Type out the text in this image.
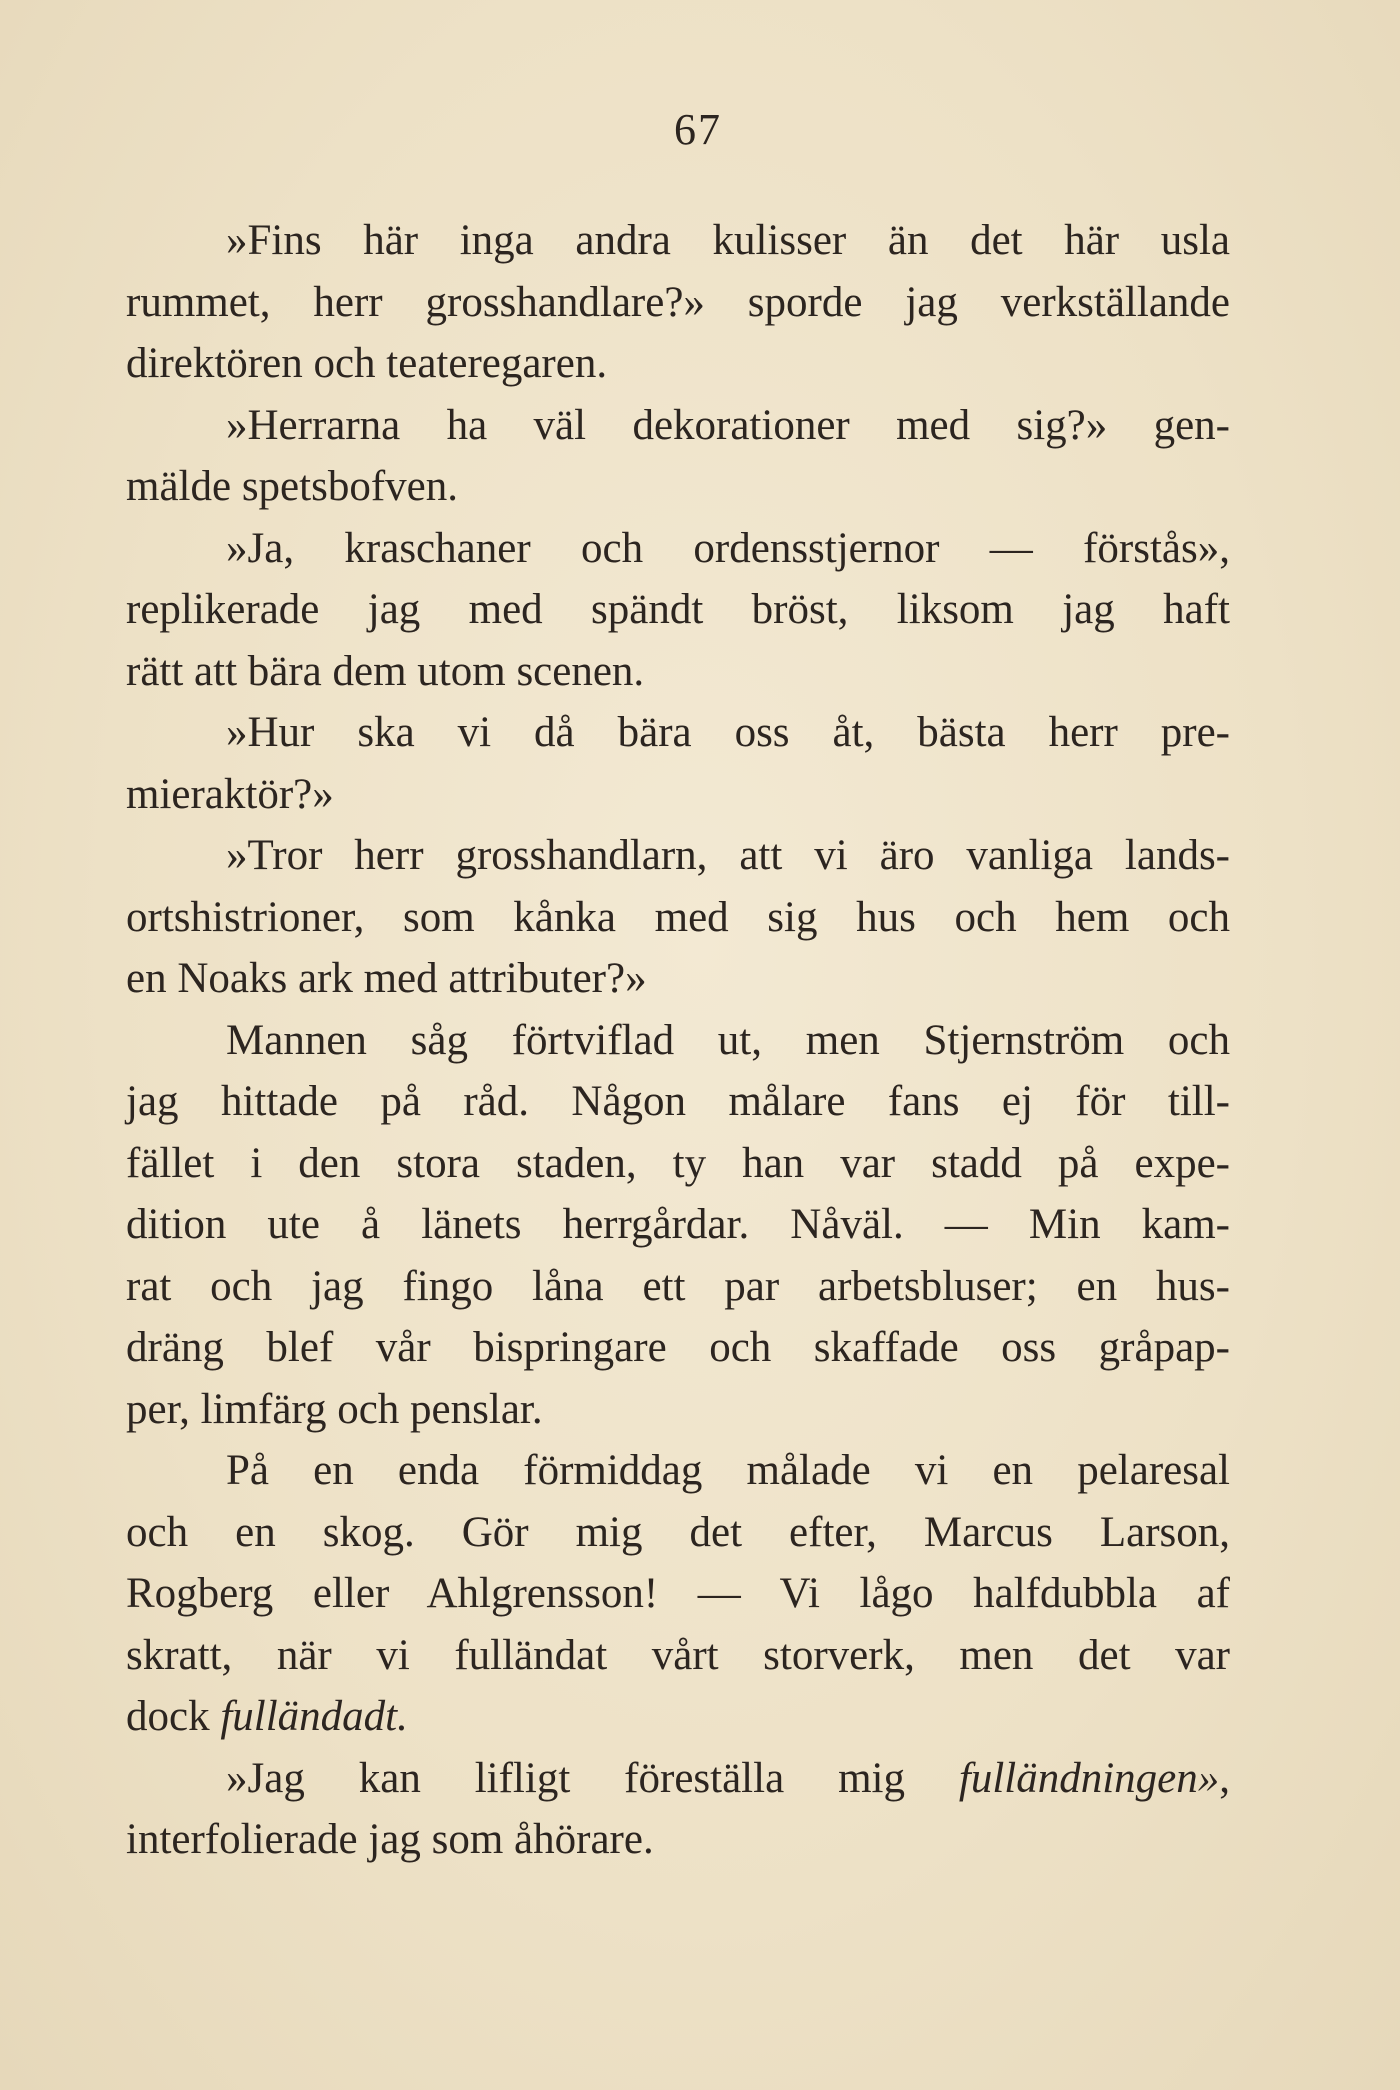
67

»Fins här inga andra kulisser än det här usla
rummet, herr grosshandlare?» sporde jag verkställande
direktören och teateregaren.

»Herrarna ha väl dekorationer med sig?» gen-
mälde spetsbofven.

»Ja, kraschaner och ordensstjernor — förstås»,
replikerade jag med spändt bröst, liksom jag haft
rätt att bära dem utom scenen.

»Hur ska vi då bära oss åt, bästa herr pre-
mieraktör?»

»Tror herr grosshandlarn, att vi äro vanliga lands-
ortshistrioner, som kånka med sig hus och hem och
en Noaks ark med attributer?»

Mannen såg förtviflad ut, men Stjernström och
jag hittade på råd. Någon målare fans ej för till-
fället i den stora staden, ty han var stadd på expe-
dition ute å länets herrgårdar. Nåväl. — Min kam-
rat och jag fingo låna ett par arbetsbluser; en hus-
dräng blef vår bispringare och skaffade oss gråpap-
per, limfärg och penslar.

På en enda förmiddag målade vi en pelaresal
och en skog. Gör mig det efter, Marcus Larson,
Rogberg eller Ahlgrensson! — Vi lågo halfdubbla af
skratt, när vi fulländat vårt storverk, men det var
dock fulländadt.

»Jag kan lifligt föreställa mig fulländningen»,
interfolierade jag som åhörare.
